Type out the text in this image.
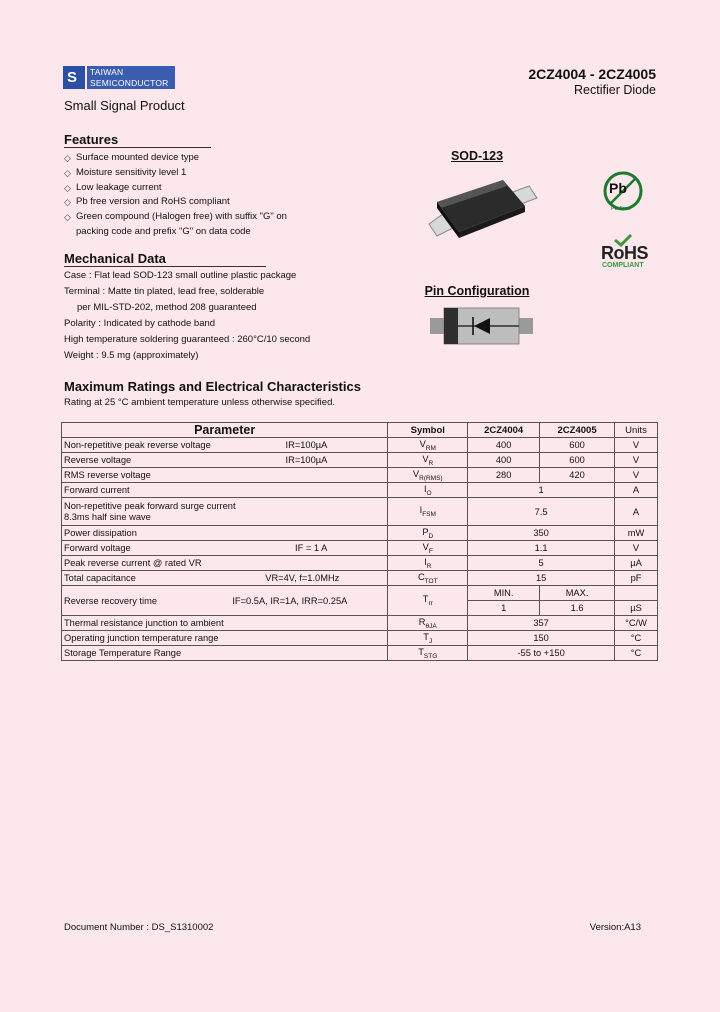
S TAIWAN
SEMICONDUCTOR
Small Signal Product
2CZ4004 - 2CZ4005
Rectifier Diode
Features
◇ Surface mounted device type
◇ Moisture sensitivity level 1
◇ Low leakage current
◇ Pb free version and RoHS compliant
◇ Green compound (Halogen free) with suffix "G" on
packing code and prefix "G" on data code
Mechanical Data
Case : Flat lead SOD-123 small outline plastic package
Terminal : Matte tin plated, lead free, solderable
per MIL-STD-202, method 208 guaranteed
Polarity : Indicated by cathode band
High temperature soldering guaranteed : 260°C/10 second
Weight : 9.5 mg (approximately)
SOD-123
Pb
Pb-Free
RoHS
COMPLIANT
Pin Configuration
Maximum Ratings and Electrical Characteristics
Rating at 25 °C ambient temperature unless otherwise specified.
Parameter	Symbol	2CZ4004	2CZ4005	Units

IR=100µA
Non-repetitive peak reverse voltage	$V_{RM}$	400	600	V

IR=100µA
Reverse voltage	$V_R$	400	600	V
RMS reverse voltage	$V_{R(RMS)}$	280	420	V
Forward current	$I_O$	1		A

Non-repetitive peak forward surge current
8.3ms half sine wave	$I_{FSM}$	7.5		A
Power dissipation	$P_D$	350		mW

IF = 1 A
Forward voltage	$V_F$	1.1		V
Peak reverse current @ rated VR	$I_R$	5		µA

VR=4V, f=1.0MHz
Total capacitance	$C_{TOT}$	15		pF

IF=0.5A, IR=1A, IRR=0.25A
Reverse recovery time	$T_{rr}$	MIN.	MAX.	
		1	1.6	µS
Thermal resistance junction to ambient	$R_{\theta JA}$	357		°C/W
Operating junction temperature range	$T_J$	150		°C
Storage Temperature Range	$T_{STG}$	-55 to +150		°C
Document Number : DS_S1310002	Version:A13
